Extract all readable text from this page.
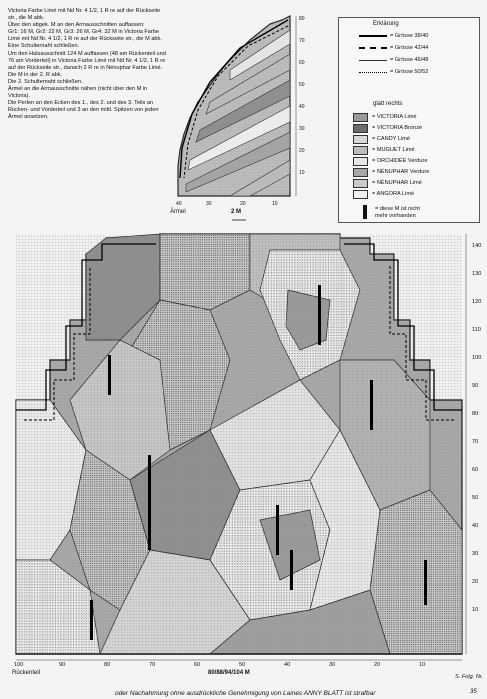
Victoria Farbe Limé mit Nd Nr. 4 1/2, 1 R re auf der Rückseite str., die M abk.

Über den abgek. M an den Armausschnitten auffassen:

Gr1: 16 M, Gr2: 22 M, Gr3: 26 M, Gr4: 32 M in Victoria Farbe Limé mit Nd Nr. 4 1/2, 1 R re auf der Rückseite str., die M abk.

Eine Schulternaht schließen.

Um den Halsausschnitt 124 M auffassen (48 am Rückenteil und 76 am Vorderteil) in Victoria Farbe Limé mit Nd Nr. 4 1/2, 1 R re auf der Rückseite str., danach 2 R re in Nénuphar Farbe Limé. Die M in der 2. R abk.

Die 2. Schulternaht schließen.

Ärmel an die Armausschnitte nähen (nicht über den M in Victoria).

Die Perlen an den Ecken des 1., des 2. und des 3. Teils an Rücken- und Vorderteil und 3 an den mittl. Spitzen von jeden Ärmel ansetzen.

80
70
60
50
40
30
20
10
40	30	20	10
Ärmel	2 M
Erklärung
= Grösse 38/40
= Grösse 42/44
= Grösse 46/48
= Grösse 50/52
glatt rechts
= VICTORIA Limé
= VICTORIA Bronze
= CANDY Limé
= MUGUET Limé
= ORCHIDÉE Verdure
= NÉNUPHAR Verdure
= NÉNUPHAR Limé
= ANGORA Limé
= diese M ist nicht
mehr vorhanden
140
130
120
110
100
90
80
70
60
50
40
30
20
10
100	90	80	70	60	50	40	30	20	10
Rückenteil	80/88/94/104 M
S. Folg. Nr.
oder Nachahmung ohne ausdrückliche Genehmigung von Laines ANNY BLATT ist strafbar	35
